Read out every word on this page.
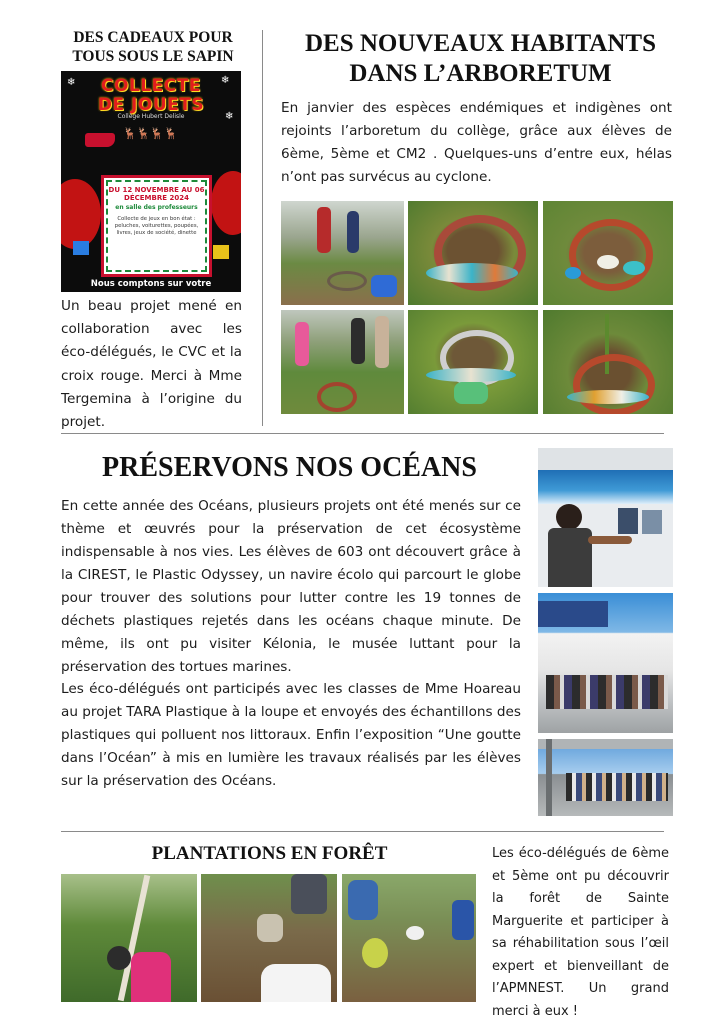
DES CADEAUX POUR TOUS SOUS LE SAPIN
❄	❄
❄
COLLECTE DE JOUETS
Collège Hubert Delisle
🦌🦌🦌🦌
DU 12 NOVEMBRE AU 06 DÉCEMBRE 2024
en salle des professeurs
Collecte de jeux en bon état : peluches, voiturettes, poupées, livres, jeux de société, dinette
Nous comptons sur votre
Un beau projet mené en collaboration avec les éco-délégués, le CVC et la croix rouge. Merci à Mme Tergemina à l’origine du projet.
DES NOUVEAUX HABITANTS DANS L’ARBORETUM
En janvier des espèces endémiques et indigènes ont rejoints l’arboretum du collège, grâce aux élèves de 6ème, 5ème et CM2 . Quelques-uns d’entre eux, hélas n’ont pas survécus au cyclone.
PRÉSERVONS NOS OCÉANS
En cette année des Océans, plusieurs projets ont été menés sur ce thème et œuvrés pour la préservation de cet écosystème indispensable à nos vies. Les élèves de 603 ont découvert grâce à la CIREST, le Plastic Odyssey, un navire écolo qui parcourt le globe pour trouver des solutions pour lutter contre les 19 tonnes de déchets plastiques rejetés dans les océans chaque minute. De même, ils ont pu visiter Kélonia, le musée luttant pour la préservation des tortues marines.
Les éco-délégués ont participés avec les classes de Mme Hoareau au projet TARA Plastique à la loupe et envoyés des échantillons des plastiques qui polluent nos littoraux. Enfin l’exposition “Une goutte dans l’Océan” à mis en lumière les travaux réalisés par les élèves sur la préservation des Océans.
PLANTATIONS EN FORÊT	Les éco-délégués de 6ème et 5ème ont pu découvrir la forêt de Sainte Marguerite et participer à sa réhabilitation sous l’œil expert et bienveillant de l’APMNEST. Un grand merci à eux !
